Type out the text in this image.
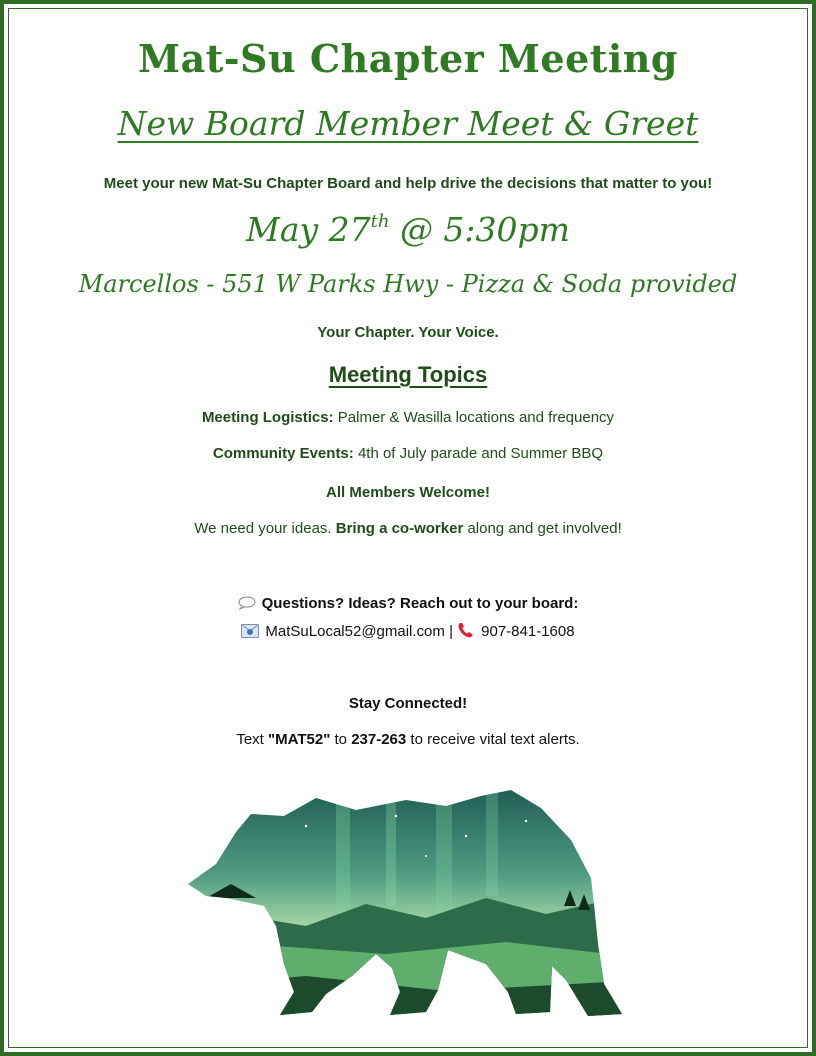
Mat-Su Chapter Meeting
New Board Member Meet & Greet
Meet your new Mat-Su Chapter Board and help drive the decisions that matter to you!
May 27th @ 5:30pm
Marcellos - 551 W Parks Hwy - Pizza & Soda provided
Your Chapter. Your Voice.
Meeting Topics
Meeting Logistics: Palmer & Wasilla locations and frequency
Community Events: 4th of July parade and Summer BBQ
All Members Welcome!
We need your ideas. Bring a co-worker along and get involved!
Questions? Ideas? Reach out to your board:
MatSuLocal52@gmail.com | 907-841-1608
Stay Connected!
Text "MAT52" to 237-263 to receive vital text alerts.
